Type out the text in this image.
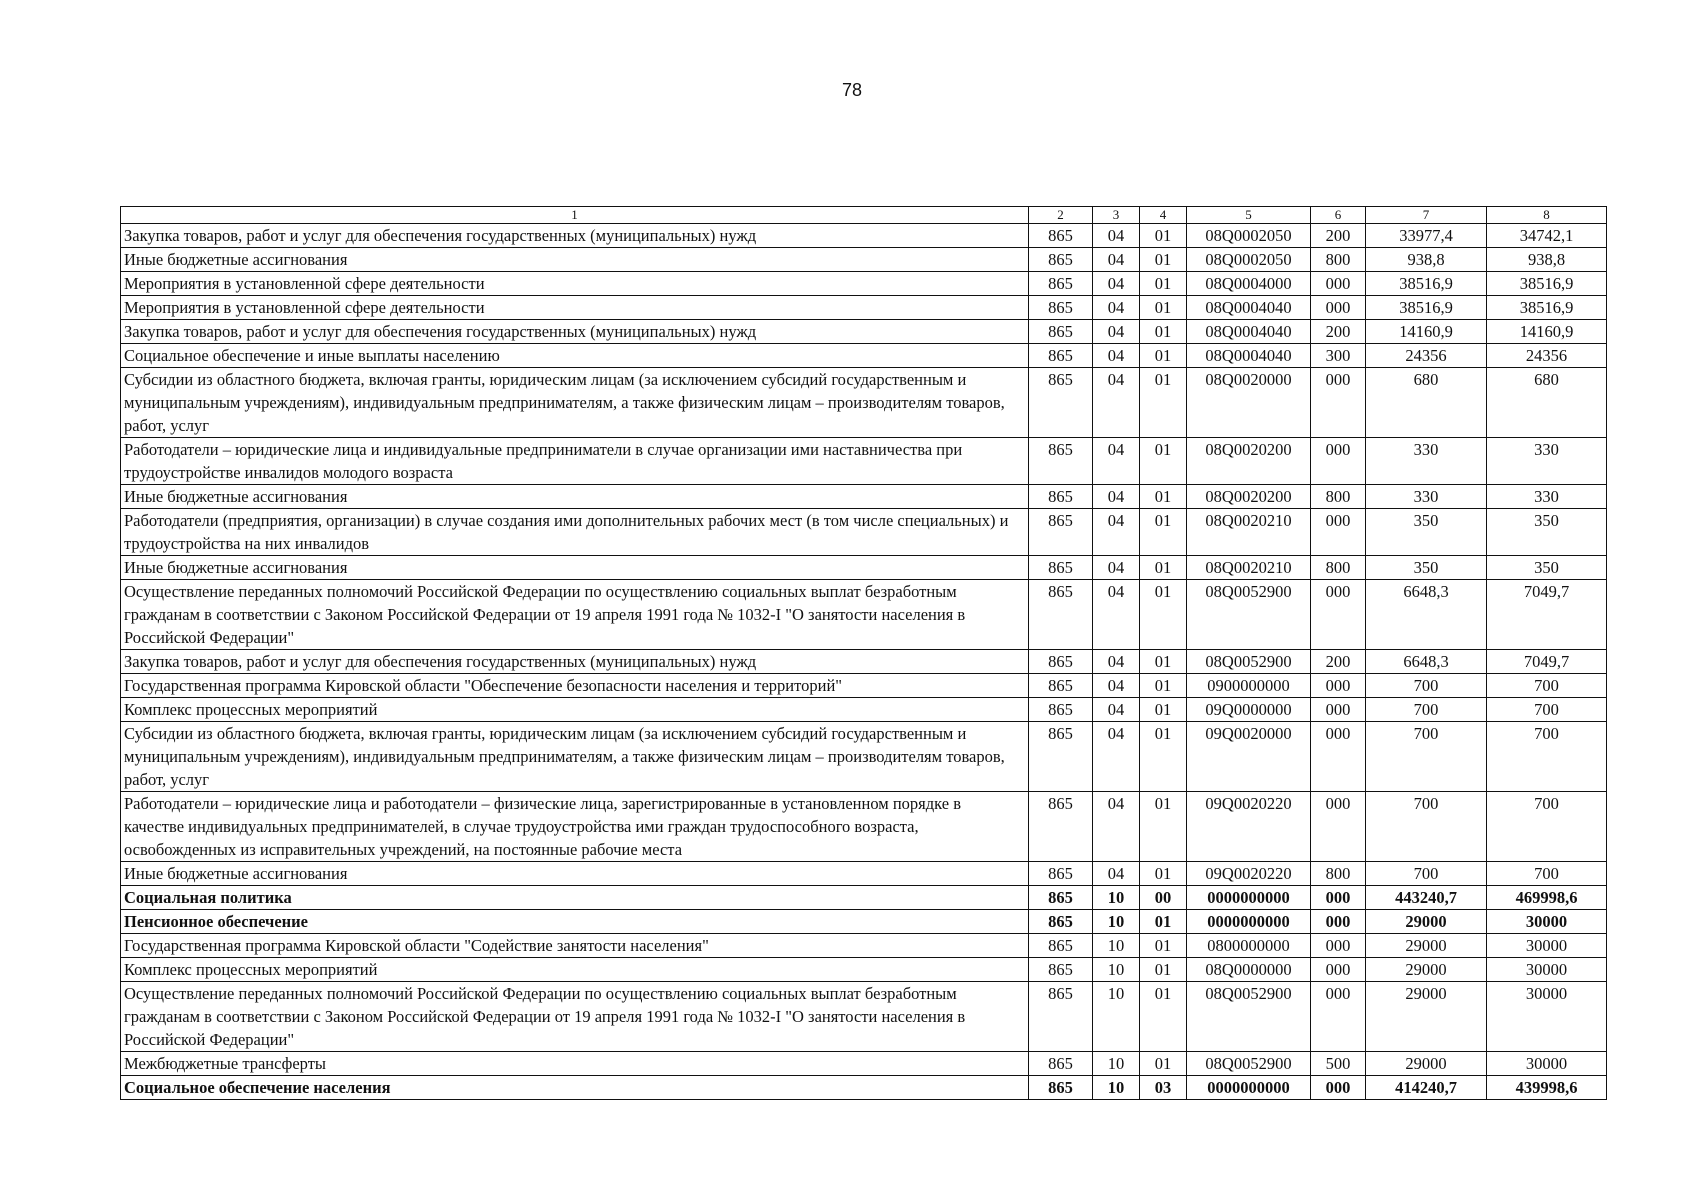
78
1	2	3	4	5	6	7	8
Закупка товаров, работ и услуг для обеспечения государственных (муниципальных) нужд	865	04	01	08Q0002050	200	33977,4	34742,1
Иные бюджетные ассигнования	865	04	01	08Q0002050	800	938,8	938,8
Мероприятия в установленной сфере деятельности	865	04	01	08Q0004000	000	38516,9	38516,9
Мероприятия в установленной сфере деятельности	865	04	01	08Q0004040	000	38516,9	38516,9
Закупка товаров, работ и услуг для обеспечения государственных (муниципальных) нужд	865	04	01	08Q0004040	200	14160,9	14160,9
Социальное обеспечение и иные выплаты населению	865	04	01	08Q0004040	300	24356	24356
Субсидии из областного бюджета, включая гранты, юридическим лицам (за исключением субсидий государственным и муниципальным учреждениям), индивидуальным предпринимателям, а также физическим лицам – производителям товаров, работ, услуг	865	04	01	08Q0020000	000	680	680
Работодатели – юридические лица и индивидуальные предприниматели в случае организации ими наставничества при трудоустройстве инвалидов молодого возраста	865	04	01	08Q0020200	000	330	330
Иные бюджетные ассигнования	865	04	01	08Q0020200	800	330	330
Работодатели (предприятия, организации) в случае создания ими дополнительных рабочих мест (в том числе специальных) и трудоустройства на них инвалидов	865	04	01	08Q0020210	000	350	350
Иные бюджетные ассигнования	865	04	01	08Q0020210	800	350	350
Осуществление переданных полномочий Российской Федерации по осуществлению социальных выплат безработным гражданам в соответствии с Законом Российской Федерации от 19 апреля 1991 года № 1032-I "О занятости населения в Российской Федерации"	865	04	01	08Q0052900	000	6648,3	7049,7
Закупка товаров, работ и услуг для обеспечения государственных (муниципальных) нужд	865	04	01	08Q0052900	200	6648,3	7049,7
Государственная программа Кировской области "Обеспечение безопасности населения и территорий"	865	04	01	0900000000	000	700	700
Комплекс процессных мероприятий	865	04	01	09Q0000000	000	700	700
Субсидии из областного бюджета, включая гранты, юридическим лицам (за исключением субсидий государственным и муниципальным учреждениям), индивидуальным предпринимателям, а также физическим лицам – производителям товаров, работ, услуг	865	04	01	09Q0020000	000	700	700
Работодатели – юридические лица и работодатели – физические лица, зарегистрированные в установленном порядке в качестве индивидуальных предпринимателей, в случае трудоустройства ими граждан трудоспособного возраста, освобожденных из исправительных учреждений, на постоянные рабочие места	865	04	01	09Q0020220	000	700	700
Иные бюджетные ассигнования	865	04	01	09Q0020220	800	700	700
Социальная политика	865	10	00	0000000000	000	443240,7	469998,6
Пенсионное обеспечение	865	10	01	0000000000	000	29000	30000
Государственная программа Кировской области "Содействие занятости населения"	865	10	01	0800000000	000	29000	30000
Комплекс процессных мероприятий	865	10	01	08Q0000000	000	29000	30000
Осуществление переданных полномочий Российской Федерации по осуществлению социальных выплат безработным гражданам в соответствии с Законом Российской Федерации от 19 апреля 1991 года № 1032-I "О занятости населения в Российской Федерации"	865	10	01	08Q0052900	000	29000	30000
Межбюджетные трансферты	865	10	01	08Q0052900	500	29000	30000
Социальное обеспечение населения	865	10	03	0000000000	000	414240,7	439998,6
